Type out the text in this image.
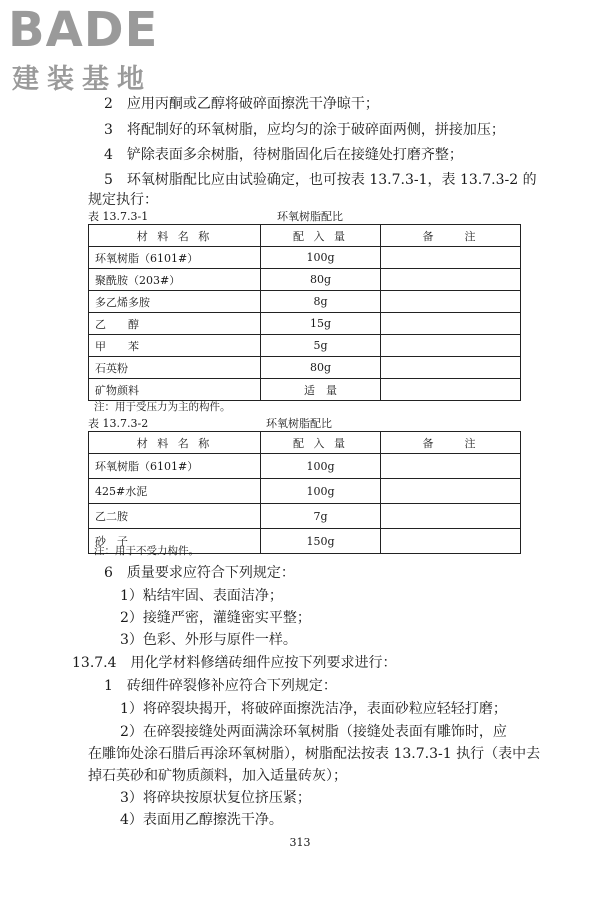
BADE
建装基地
2　应用丙酮或乙醇将破碎面擦洗干净晾干；
3　将配制好的环氧树脂，应均匀的涂于破碎面两侧，拼接加压；
4　铲除表面多余树脂，待树脂固化后在接缝处打磨齐整；
5　环氧树脂配比应由试验确定，也可按表 13.7.3-1，表 13.7.3-2 的
规定执行：
表 13.7.3-1	环氧树脂配比
材 料 名 称	配 入 量	备　　注
环氧树脂（6101#）	100g	
聚酰胺（203#）	80g	
多乙烯多胺	8g	
乙　　醇	15g	
甲　　苯	5g	
石英粉	80g	
矿物颜料	适　量	
注：用于受压力为主的构件。
表 13.7.3-2	环氧树脂配比
材 料 名 称	配 入 量	备　　注
环氧树脂（6101#）	100g	
425#水泥	100g	
乙二胺	7g	
砂　子	150g	
注：用于不受力构件。
6　质量要求应符合下列规定：
1）粘结牢固、表面洁净；
2）接缝严密，灌缝密实平整；
3）色彩、外形与原件一样。
13.7.4　用化学材料修缮砖细件应按下列要求进行：
1　砖细件碎裂修补应符合下列规定：
1）将碎裂块揭开，将破碎面擦洗洁净，表面砂粒应轻轻打磨；
2）在碎裂接缝处两面满涂环氧树脂（接缝处表面有雕饰时，应
在雕饰处涂石腊后再涂环氧树脂），树脂配法按表 13.7.3-1 执行（表中去
掉石英砂和矿物质颜料，加入适量砖灰）；
3）将碎块按原状复位挤压紧；
4）表面用乙醇擦洗干净。
313
